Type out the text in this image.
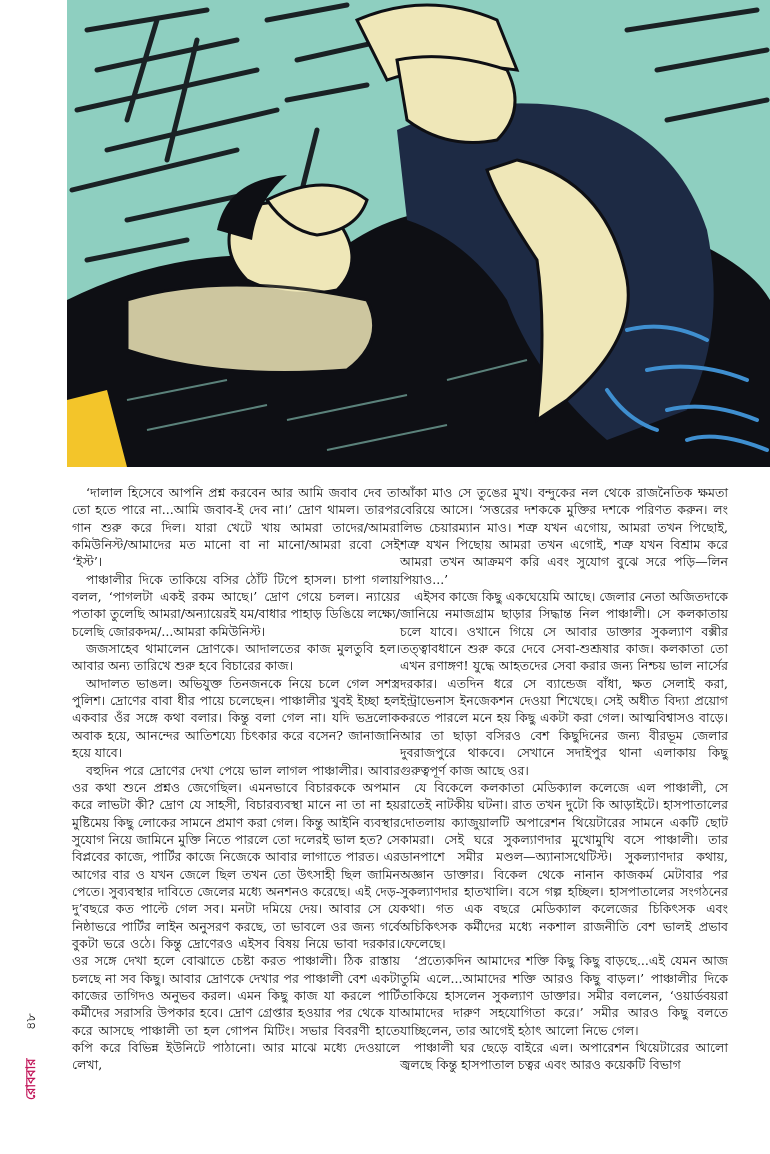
‘দালাল হিসেবে আপনি প্রশ্ন করবেন আর আমি জবাব দেব তা তো হতে পারে না...আমি জবাব-ই দেব না।’ দ্রোণ থামল। তারপর গান শুরু করে দিল। যারা খেটে খায় আমরা তাদের/আমরা কমিউনিস্ট/আমাদের মত মানো বা না মানো/আমরা রবো সেই ‘ইস্ট’।

পাঞ্চালীর দিকে তাকিয়ে বসির ঠোঁট টিপে হাসল। চাপা গলায় বলল, ‘পাগলটা একই রকম আছে।’ দ্রোণ গেয়ে চলল। ন্যায়ের পতাকা তুলেছি আমরা/অন্যায়েরই যম/বাধার পাহাড় ডিঙিয়ে লক্ষ্যে/চলেছি জোরকদম/...আমরা কমিউনিস্ট।

জজসাহেব থামালেন দ্রোণকে। আদালতের কাজ মুলতুবি হল। আবার অন্য তারিখে শুরু হবে বিচারের কাজ।

আদালত ভাঙল। অভিযুক্ত তিনজনকে নিয়ে চলে গেল সশস্ত্র পুলিশ। দ্রোণের বাবা ধীর পায়ে চলেছেন। পাঞ্চালীর খুবই ইচ্ছা হল একবার ওঁর সঙ্গে কথা বলার। কিন্তু বলা গেল না। যদি ভদ্রলোক অবাক হয়ে, আনন্দের আতিশয্যে চিৎকার করে বসেন? জানাজানি হয়ে যাবে।

বহুদিন পরে দ্রোণের দেখা পেয়ে ভাল লাগল পাঞ্চালীর। আবার ওর কথা শুনে প্রশ্নও জেগেছিল। এমনভাবে বিচারককে অপমান করে লাভটা কী? দ্রোণ যে সাহসী, বিচারব্যবস্থা মানে না তা না হয় মুষ্টিমেয় কিছু লোকের সামনে প্রমাণ করা গেল। কিন্তু আইনি ব্যবস্থার সুযোগ নিয়ে জামিনে মুক্তি নিতে পারলে তো দলেরই ভাল হত? সে বিপ্লবের কাজে, পার্টির কাজে নিজেকে আবার লাগাতে পারত। এর আগের বার ও যখন জেলে ছিল তখন তো উৎসাহী ছিল জামিন পেতে। সুব্যবস্থার দাবিতে জেলের মধ্যে অনশনও করেছে। এই দেড়-দু’বছরে কত পাল্টে গেল সব। মনটা দমিয়ে দেয়। আবার সে যে নিষ্ঠাভরে পার্টির লাইন অনুসরণ করছে, তা ভাবলে ওর জন্য গর্বে বুকটা ভরে ওঠে। কিন্তু দ্রোণেরও এইসব বিষয় নিয়ে ভাবা দরকার। ওর সঙ্গে দেখা হলে বোঝাতে চেষ্টা করত পাঞ্চালী। ঠিক রাস্তায় চলছে না সব কিছু। আবার দ্রোণকে দেখার পর পাঞ্চালী বেশ একটা কাজের তাগিদও অনুভব করল। এমন কিছু কাজ যা করলে পার্টি কর্মীদের সরাসরি উপকার হবে। দ্রোণ গ্রেপ্তার হওয়ার পর থেকে যা করে আসছে পাঞ্চালী তা হল গোপন মিটিং। সভার বিবরণী হাতে কপি করে বিভিন্ন ইউনিটে পাঠানো। আর মাঝে মধ্যে দেওয়ালে লেখা,

আঁকা মাও সে তুঙের মুখ। বন্দুকের নল থেকে রাজনৈতিক ক্ষমতা বেরিয়ে আসে। ‘সত্তরের দশককে মুক্তির দশকে পরিণত করুন। লং লিভ চেয়ারম্যান মাও। শত্রু যখন এগোয়, আমরা তখন পিছোই, শত্রু যখন পিছোয় আমরা তখন এগোই, শত্রু যখন বিশ্রাম করে আমরা তখন আক্রমণ করি এবং সুযোগ বুঝে সরে পড়ি—লিন পিয়াও...’

এইসব কাজে কিছু একঘেয়েমি আছে। জেলার নেতা অজিতদাকে জানিয়ে নমাজগ্রাম ছাড়ার সিদ্ধান্ত নিল পাঞ্চালী। সে কলকাতায় চলে যাবে। ওখানে গিয়ে সে আবার ডাক্তার সুকল্যাণ বক্সীর তত্ত্বাবধানে শুরু করে দেবে সেবা-শুশ্রূষার কাজ। কলকাতা তো এখন রণাঙ্গণ! যুদ্ধে আহতদের সেবা করার জন্য নিশ্চয় ভাল নার্সের দরকার। এতদিন ধরে সে ব্যান্ডেজ বাঁধা, ক্ষত সেলাই করা, ইন্ট্রাভেনাস ইনজেকশন দেওয়া শিখেছে। সেই অধীত বিদ্যা প্রয়োগ করতে পারলে মনে হয় কিছু একটা করা গেল। আত্মবিশ্বাসও বাড়ে। আর তা ছাড়া বসিরও বেশ কিছুদিনের জন্য বীরভূম জেলার দুবরাজপুরে থাকবে। সেখানে সদাইপুর থানা এলাকায় কিছু গুরুত্বপূর্ণ কাজ আছে ওর।

যে বিকেলে কলকাতা মেডিক্যাল কলেজে এল পাঞ্চালী, সে রাতেই নাটকীয় ঘটনা। রাত তখন দুটো কি আড়াইটে। হাসপাতালের দোতলায় ক্যাজুয়ালটি অপারেশন থিয়েটারের সামনে একটি ছোট কামরা। সেই ঘরে সুকল্যাণদার মুখোমুখি বসে পাঞ্চালী। তার ডানপাশে সমীর মণ্ডল—অ্যানাসথেটিস্ট। সুকল্যাণদার কথায়, অজ্ঞান ডাক্তার। বিকেল থেকে নানান কাজকর্ম মেটাবার পর সুকল্যাণদার হাতখালি। বসে গল্প হচ্ছিল। হাসপাতালের সংগঠনের কথা। গত এক বছরে মেডিক্যাল কলেজের চিকিৎসক এবং অচিকিৎসক কর্মীদের মধ্যে নকশাল রাজনীতি বেশ ভালই প্রভাব ফেলেছে।

‘প্রত্যেকদিন আমাদের শক্তি কিছু কিছু বাড়ছে...এই যেমন আজ তুমি এলে...আমাদের শক্তি আরও কিছু বাড়ল।’ পাঞ্চালীর দিকে তাকিয়ে হাসলেন সুকল্যাণ ডাক্তার। সমীর বললেন, ‘ওয়ার্ডবয়রা আমাদের দারুণ সহযোগিতা করে।’ সমীর আরও কিছু বলতে যাচ্ছিলেন, তার আগেই হঠাৎ আলো নিভে গেল।

পাঞ্চালী ঘর ছেড়ে বাইরে এল। অপারেশন থিয়েটারের আলো জ্বলছে কিন্তু হাসপাতাল চত্বর এবং আরও কয়েকটি বিভাগ

৪৮
রোববার
